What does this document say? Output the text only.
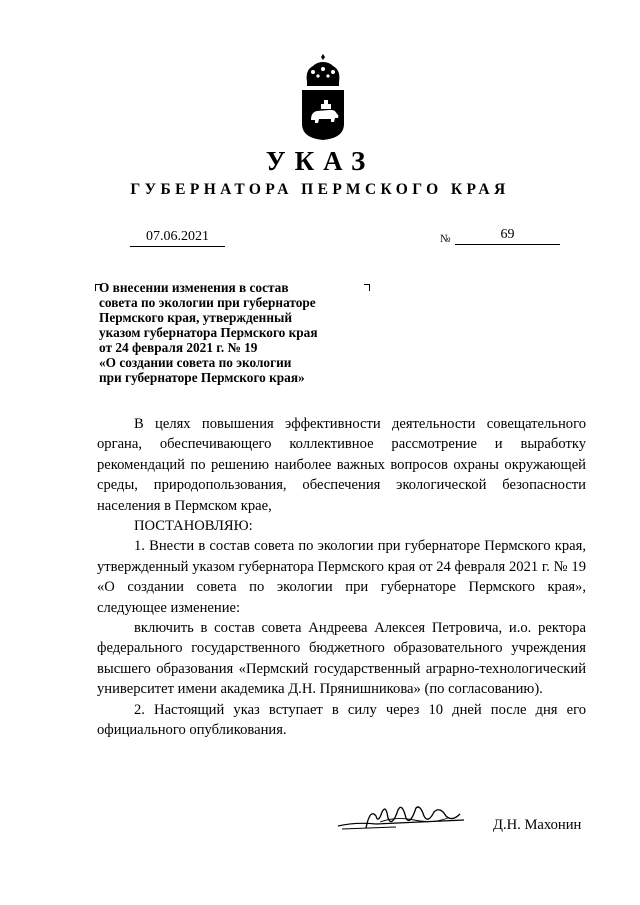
УКАЗ
ГУБЕРНАТОРА ПЕРМСКОГО КРАЯ
07.06.2021	№	69
О внесении изменения в состав
совета по экологии при губернаторе
Пермского края, утвержденный
указом губернатора Пермского края
от 24 февраля 2021 г. № 19
«О создании совета по экологии
при губернаторе Пермского края»

В целях повышения эффективности деятельности совещательного органа, обеспечивающего коллективное рассмотрение и выработку рекомендаций по решению наиболее важных вопросов охраны окружающей среды, природопользования, обеспечения экологической безопасности населения в Пермском крае,

ПОСТАНОВЛЯЮ:

1. Внести в состав совета по экологии при губернаторе Пермского края, утвержденный указом губернатора Пермского края от 24 февраля 2021 г. № 19 «О создании совета по экологии при губернаторе Пермского края», следующее изменение:

включить в состав совета Андреева Алексея Петровича, и.о. ректора федерального государственного бюджетного образовательного учреждения высшего образования «Пермский государственный аграрно-технологический университет имени академика Д.Н. Прянишникова» (по согласованию).

2. Настоящий указ вступает в силу через 10 дней после дня его официального опубликования.

Д.Н. Махонин
